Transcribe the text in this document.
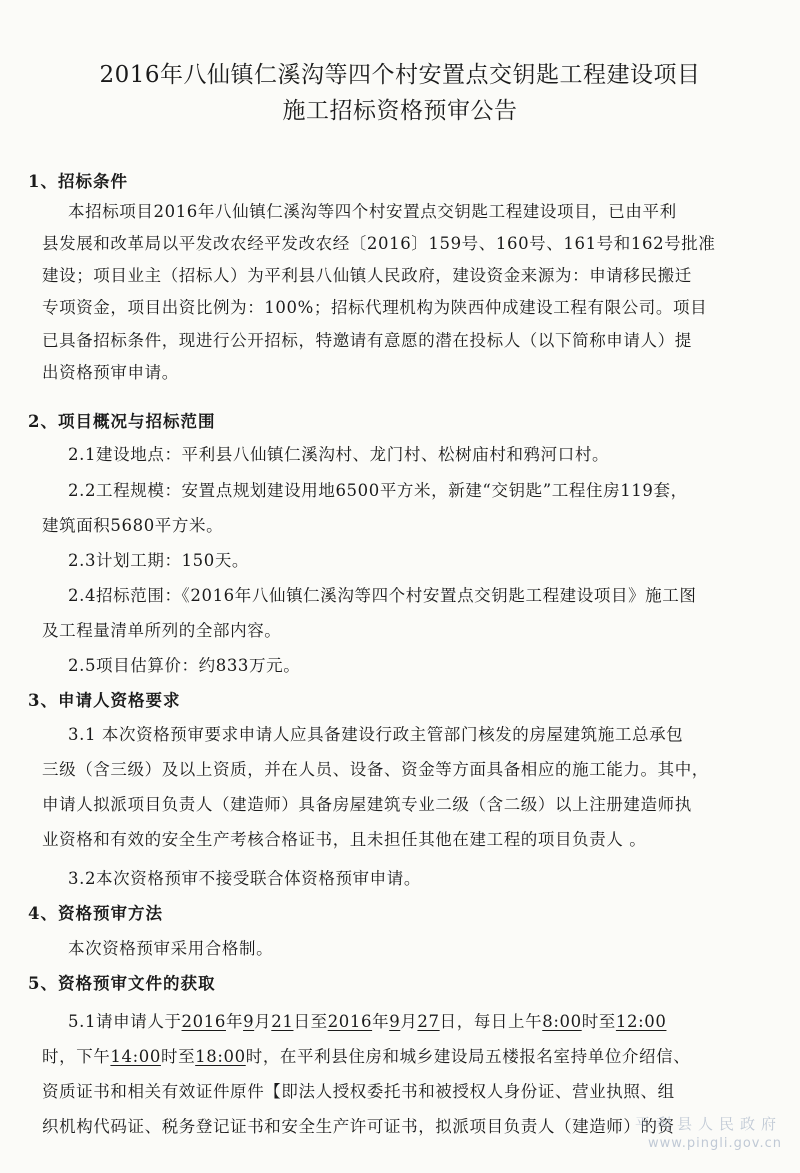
2016年八仙镇仁溪沟等四个村安置点交钥匙工程建设项目
施工招标资格预审公告
1、招标条件
本招标项目2016年八仙镇仁溪沟等四个村安置点交钥匙工程建设项目，已由平利
县发展和改革局以平发改农经平发改农经〔2016〕159号、160号、161号和162号批准
建设；项目业主（招标人）为平利县八仙镇人民政府，建设资金来源为：申请移民搬迁
专项资金，项目出资比例为：100%；招标代理机构为陕西仲成建设工程有限公司。项目
已具备招标条件，现进行公开招标，特邀请有意愿的潜在投标人（以下简称申请人）提
出资格预审申请。
2、项目概况与招标范围
2.1建设地点：平利县八仙镇仁溪沟村、龙门村、松树庙村和鸦河口村。
2.2工程规模：安置点规划建设用地6500平方米，新建“交钥匙”工程住房119套，
建筑面积5680平方米。
2.3计划工期：150天。
2.4招标范围：《2016年八仙镇仁溪沟等四个村安置点交钥匙工程建设项目》施工图
及工程量清单所列的全部内容。
2.5项目估算价：约833万元。
3、申请人资格要求
3.1 本次资格预审要求申请人应具备建设行政主管部门核发的房屋建筑施工总承包
三级（含三级）及以上资质，并在人员、设备、资金等方面具备相应的施工能力。其中，
申请人拟派项目负责人（建造师）具备房屋建筑专业二级（含二级）以上注册建造师执
业资格和有效的安全生产考核合格证书，且未担任其他在建工程的项目负责人 。
3.2本次资格预审不接受联合体资格预审申请。
4、资格预审方法
本次资格预审采用合格制。
5、资格预审文件的获取
5.1请申请人于2016年9月21日至2016年9月27日，每日上午8:00时至12:00
时，下午14:00时至18:00时，在平利县住房和城乡建设局五楼报名室持单位介绍信、
资质证书和相关有效证件原件【即法人授权委托书和被授权人身份证、营业执照、组
织机构代码证、税务登记证书和安全生产许可证书，拟派项目负责人（建造师）的资
平利县人民政府
www.pingli.gov.cn
